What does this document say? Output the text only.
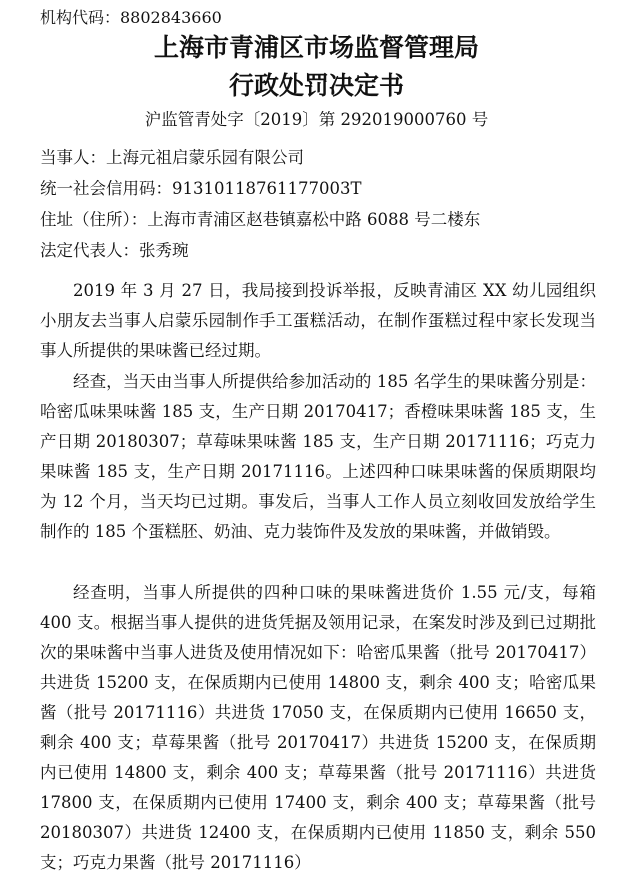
机构代码：8802843660
上海市青浦区市场监督管理局
行政处罚决定书
沪监管青处字〔2019〕第 292019000760 号
当事人：上海元祖启蒙乐园有限公司
统一社会信用码：91310118761177003T
住址（住所）：上海市青浦区赵巷镇嘉松中路 6088 号二楼东
法定代表人：张秀琬

2019 年 3 月 27 日，我局接到投诉举报，反映青浦区 XX 幼儿园组织小朋友去当事人启蒙乐园制作手工蛋糕活动，在制作蛋糕过程中家长发现当事人所提供的果味酱已经过期。

经查，当天由当事人所提供给参加活动的 185 名学生的果味酱分别是：哈密瓜味果味酱 185 支，生产日期 20170417；香橙味果味酱 185 支，生产日期 20180307；草莓味果味酱 185 支，生产日期 20171116；巧克力果味酱 185 支，生产日期 20171116。上述四种口味果味酱的保质期限均为 12 个月，当天均已过期。事发后，当事人工作人员立刻收回发放给学生制作的 185 个蛋糕胚、奶油、克力装饰件及发放的果味酱，并做销毁。

经查明，当事人所提供的四种口味的果味酱进货价 1.55 元/支，每箱 400 支。根据当事人提供的进货凭据及领用记录，在案发时涉及到已过期批次的果味酱中当事人进货及使用情况如下：哈密瓜果酱（批号 20170417）共进货 15200 支，在保质期内已使用 14800 支，剩余 400 支；哈密瓜果酱（批号 20171116）共进货 17050 支，在保质期内已使用 16650 支，剩余 400 支；草莓果酱（批号 20170417）共进货 15200 支，在保质期内已使用 14800 支，剩余 400 支；草莓果酱（批号 20171116）共进货 17800 支，在保质期内已使用 17400 支，剩余 400 支；草莓果酱（批号 20180307）共进货 12400 支，在保质期内已使用 11850 支，剩余 550 支；巧克力果酱（批号 20171116）
